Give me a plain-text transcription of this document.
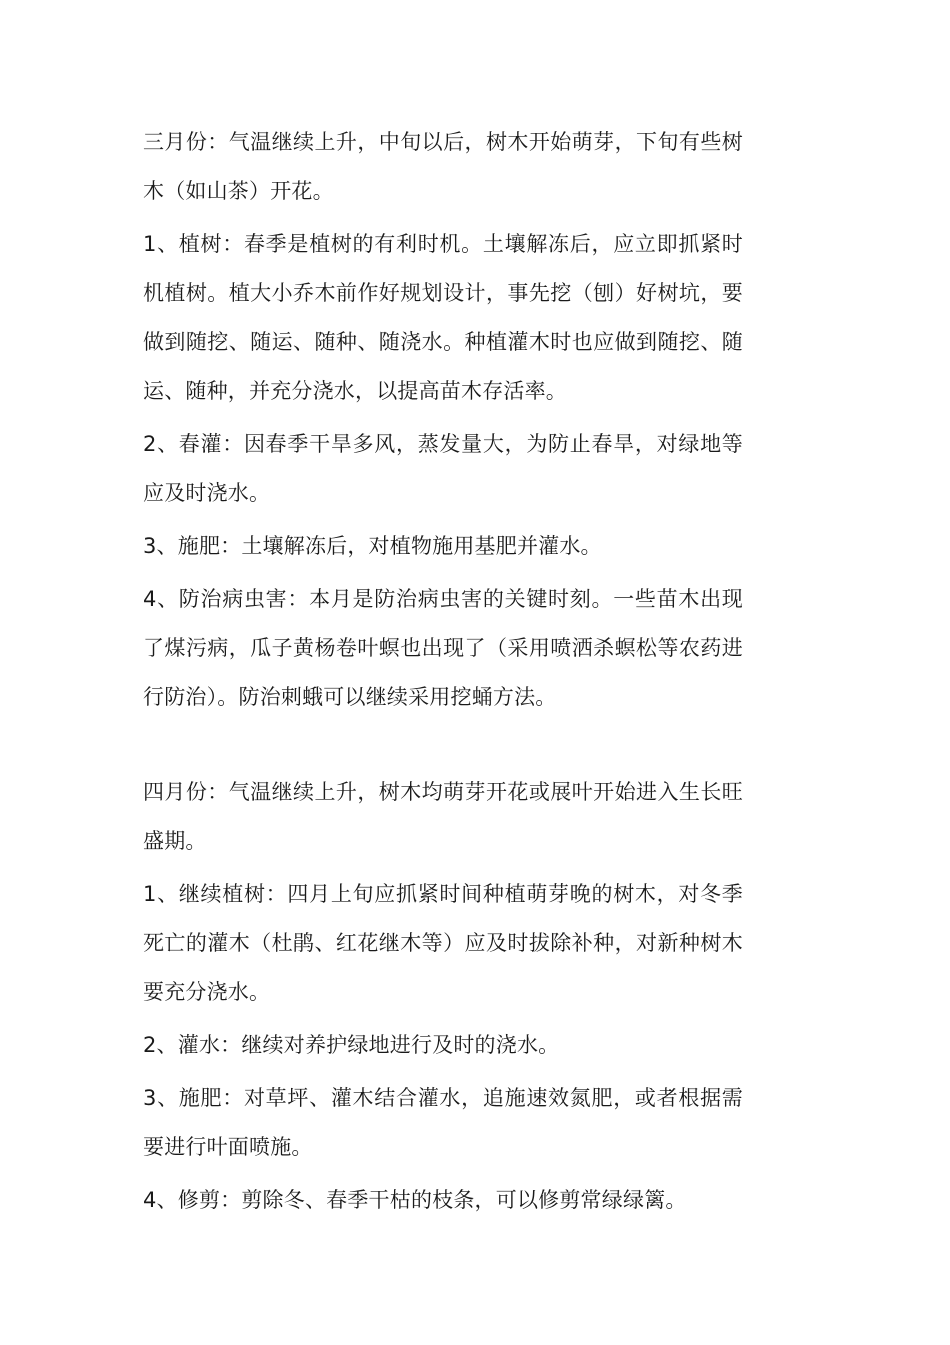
三月份：气温继续上升，中旬以后，树木开始萌芽，下旬有些树木（如山茶）开花。

1、植树：春季是植树的有利时机。土壤解冻后，应立即抓紧时机植树。植大小乔木前作好规划设计，事先挖（刨）好树坑，要做到随挖、随运、随种、随浇水。种植灌木时也应做到随挖、随运、随种，并充分浇水，以提高苗木存活率。

2、春灌：因春季干旱多风，蒸发量大，为防止春旱，对绿地等应及时浇水。

3、施肥：土壤解冻后，对植物施用基肥并灌水。

4、防治病虫害：本月是防治病虫害的关键时刻。一些苗木出现了煤污病，瓜子黄杨卷叶螟也出现了（采用喷洒杀螟松等农药进行防治）。防治刺蛾可以继续采用挖蛹方法。

四月份：气温继续上升，树木均萌芽开花或展叶开始进入生长旺盛期。

1、继续植树：四月上旬应抓紧时间种植萌芽晚的树木，对冬季死亡的灌木（杜鹃、红花继木等）应及时拔除补种，对新种树木要充分浇水。

2、灌水：继续对养护绿地进行及时的浇水。

3、施肥：对草坪、灌木结合灌水，追施速效氮肥，或者根据需要进行叶面喷施。

4、修剪：剪除冬、春季干枯的枝条，可以修剪常绿绿篱。
